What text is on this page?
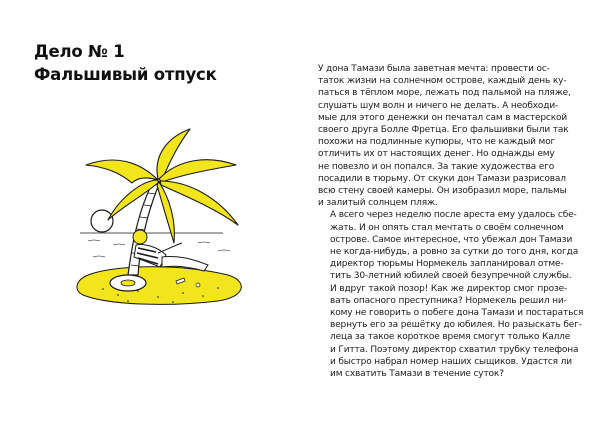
Дело № 1
Фальшивый отпуск	У дона Тамази была заветная мечта: провести ос-
таток жизни на солнечном острове, каждый день ку-
паться в тёплом море, лежать под пальмой на пляже,
слушать шум волн и ничего не делать. А необходи-
мые для этого денежки он печатал сам в мастерской
своего друга Болле Фретца. Его фальшивки были так
похожи на подлинные купюры, что не каждый мог
отличить их от настоящих денег. Но однажды ему
не повезло и он попался. За такие художества его
посадили в тюрьму. От скуки дон Тамази разрисовал
всю стену своей камеры. Он изобразил море, пальмы
и залитый солнцем пляж.

А всего через неделю после ареста ему удалось сбе-
жать. И он опять стал мечтать о своём солнечном
острове. Самое интересное, что убежал дон Тамази
не когда-нибудь, а ровно за сутки до того дня, когда
директор тюрьмы Нормекель запланировал отме-
тить 30-летний юбилей своей безупречной службы.
И вдруг такой позор! Как же директор смог прозе-
вать опасного преступника? Нормекель решил ни-
кому не говорить о побеге дона Тамази и постараться
вернуть его за решётку до юбилея. Но разыскать бег-
леца за такое короткое время смогут только Калле
и Гитта. Поэтому директор схватил трубку телефона
и быстро набрал номер наших сыщиков. Удастся ли
им схватить Тамази в течение суток?
